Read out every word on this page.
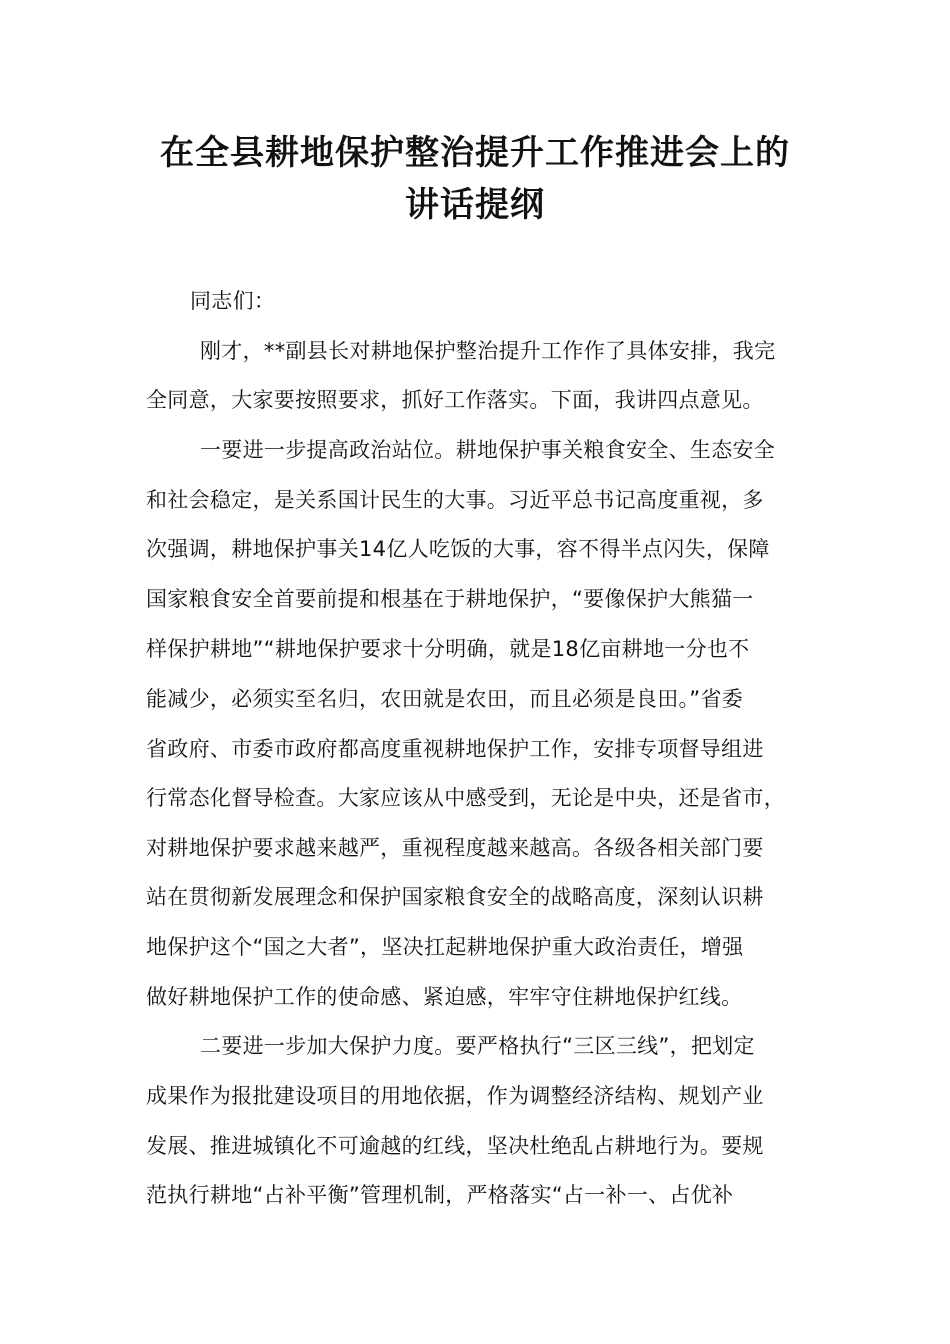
在全县耕地保护整治提升工作推进会上的
讲话提纲
同志们：
刚才，**副县长对耕地保护整治提升工作作了具体安排，我完
全同意，大家要按照要求，抓好工作落实。下面，我讲四点意见。
一要进一步提高政治站位。耕地保护事关粮食安全、生态安全
和社会稳定，是关系国计民生的大事。习近平总书记高度重视，多
次强调，耕地保护事关14亿人吃饭的大事，容不得半点闪失，保障
国家粮食安全首要前提和根基在于耕地保护，“要像保护大熊猫一
样保护耕地”“耕地保护要求十分明确，就是18亿亩耕地一分也不
能减少，必须实至名归，农田就是农田，而且必须是良田。”省委
省政府、市委市政府都高度重视耕地保护工作，安排专项督导组进
行常态化督导检查。大家应该从中感受到，无论是中央，还是省市，
对耕地保护要求越来越严，重视程度越来越高。各级各相关部门要
站在贯彻新发展理念和保护国家粮食安全的战略高度，深刻认识耕
地保护这个“国之大者”，坚决扛起耕地保护重大政治责任，增强
做好耕地保护工作的使命感、紧迫感，牢牢守住耕地保护红线。
二要进一步加大保护力度。要严格执行“三区三线”，把划定
成果作为报批建设项目的用地依据，作为调整经济结构、规划产业
发展、推进城镇化不可逾越的红线，坚决杜绝乱占耕地行为。要规
范执行耕地“占补平衡”管理机制，严格落实“占一补一、占优补
